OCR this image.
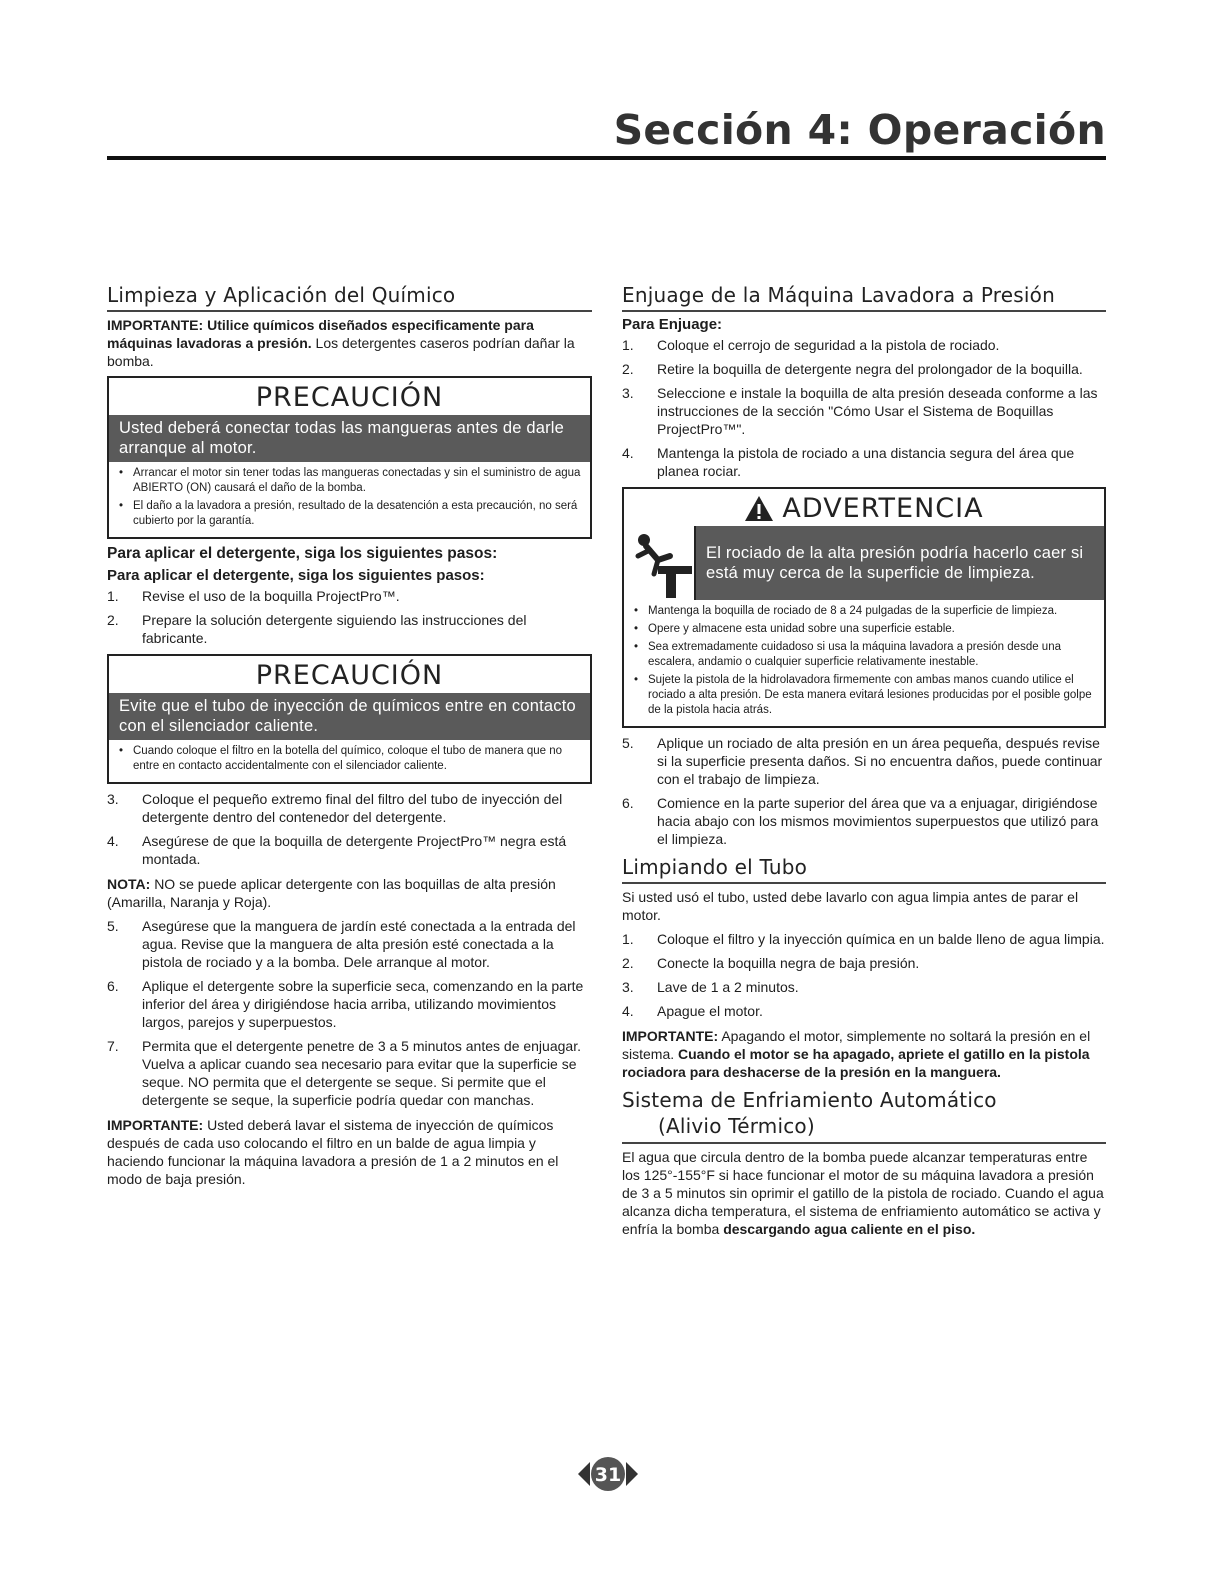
Sección 4: Operación
Limpieza y Aplicación del Químico

IMPORTANTE: Utilice químicos diseñados especificamente para máquinas lavadoras a presión. Los detergentes caseros podrían dañar la bomba.

PRECAUCIÓN
Usted deberá conectar todas las mangueras antes de darle arranque al motor.
• Arrancar el motor sin tener todas las mangueras conectadas y sin el suministro de agua ABIERTO (ON) causará el daño de la bomba.
• El daño a la lavadora a presión, resultado de la desatención a esta precaución, no será cubierto por la garantía.
Para aplicar el detergente, siga los siguientes pasos:
Para aplicar el detergente, siga los siguientes pasos:
1. Revise el uso de la boquilla ProjectPro™.
2. Prepare la solución detergente siguiendo las instrucciones del fabricante.
PRECAUCIÓN
Evite que el tubo de inyección de químicos entre en contacto con el silenciador caliente.
• Cuando coloque el filtro en la botella del químico, coloque el tubo de manera que no entre en contacto accidentalmente con el silenciador caliente.
3. Coloque el pequeño extremo final del filtro del tubo de inyección del detergente dentro del contenedor del detergente.
4. Asegúrese de que la boquilla de detergente ProjectPro™ negra está montada.

NOTA: NO se puede aplicar detergente con las boquillas de alta presión (Amarilla, Naranja y Roja).

5. Asegúrese que la manguera de jardín esté conectada a la entrada del agua. Revise que la manguera de alta presión esté conectada a la pistola de rociado y a la bomba. Dele arranque al motor.
6. Aplique el detergente sobre la superficie seca, comenzando en la parte inferior del área y dirigiéndose hacia arriba, utilizando movimientos largos, parejos y superpuestos.
7. Permita que el detergente penetre de 3 a 5 minutos antes de enjuagar. Vuelva a aplicar cuando sea necesario para evitar que la superficie se seque. NO permita que el detergente se seque. Si permite que el detergente se seque, la superficie podría quedar con manchas.

IMPORTANTE: Usted deberá lavar el sistema de inyección de químicos después de cada uso colocando el filtro en un balde de agua limpia y haciendo funcionar la máquina lavadora a presión de 1 a 2 minutos en el modo de baja presión.

Enjuage de la Máquina Lavadora a Presión
Para Enjuage:
1. Coloque el cerrojo de seguridad a la pistola de rociado.
2. Retire la boquilla de detergente negra del prolongador de la boquilla.
3. Seleccione e instale la boquilla de alta presión deseada conforme a las instrucciones de la sección "Cómo Usar el Sistema de Boquillas ProjectPro™".
4. Mantenga la pistola de rociado a una distancia segura del área que planea rociar.
ADVERTENCIA
El rociado de la alta presión podría hacerlo caer si está muy cerca de la superficie de limpieza.
• Mantenga la boquilla de rociado de 8 a 24 pulgadas de la superficie de limpieza.
• Opere y almacene esta unidad sobre una superficie estable.
• Sea extremadamente cuidadoso si usa la máquina lavadora a presión desde una escalera, andamio o cualquier superficie relativamente inestable.
• Sujete la pistola de la hidrolavadora firmemente con ambas manos cuando utilice el rociado a alta presión. De esta manera evitará lesiones producidas por el posible golpe de la pistola hacia atrás.
5. Aplique un rociado de alta presión en un área pequeña, después revise si la superficie presenta daños. Si no encuentra daños, puede continuar con el trabajo de limpieza.
6. Comience en la parte superior del área que va a enjuagar, dirigiéndose hacia abajo con los mismos movimientos superpuestos que utilizó para el limpieza.
Limpiando el Tubo

Si usted usó el tubo, usted debe lavarlo con agua limpia antes de parar el motor.

1. Coloque el filtro y la inyección química en un balde lleno de agua limpia.
2. Conecte la boquilla negra de baja presión.
3. Lave de 1 a 2 minutos.
4. Apague el motor.

IMPORTANTE: Apagando el motor, simplemente no soltará la presión en el sistema. Cuando el motor se ha apagado, apriete el gatillo en la pistola rociadora para deshacerse de la presión en la manguera.

Sistema de Enfriamiento Automático
(Alivio Térmico)

El agua que circula dentro de la bomba puede alcanzar temperaturas entre los 125°-155°F si hace funcionar el motor de su máquina lavadora a presión de 3 a 5 minutos sin oprimir el gatillo de la pistola de rociado. Cuando el agua alcanza dicha temperatura, el sistema de enfriamiento automático se activa y enfría la bomba descargando agua caliente en el piso.

31
